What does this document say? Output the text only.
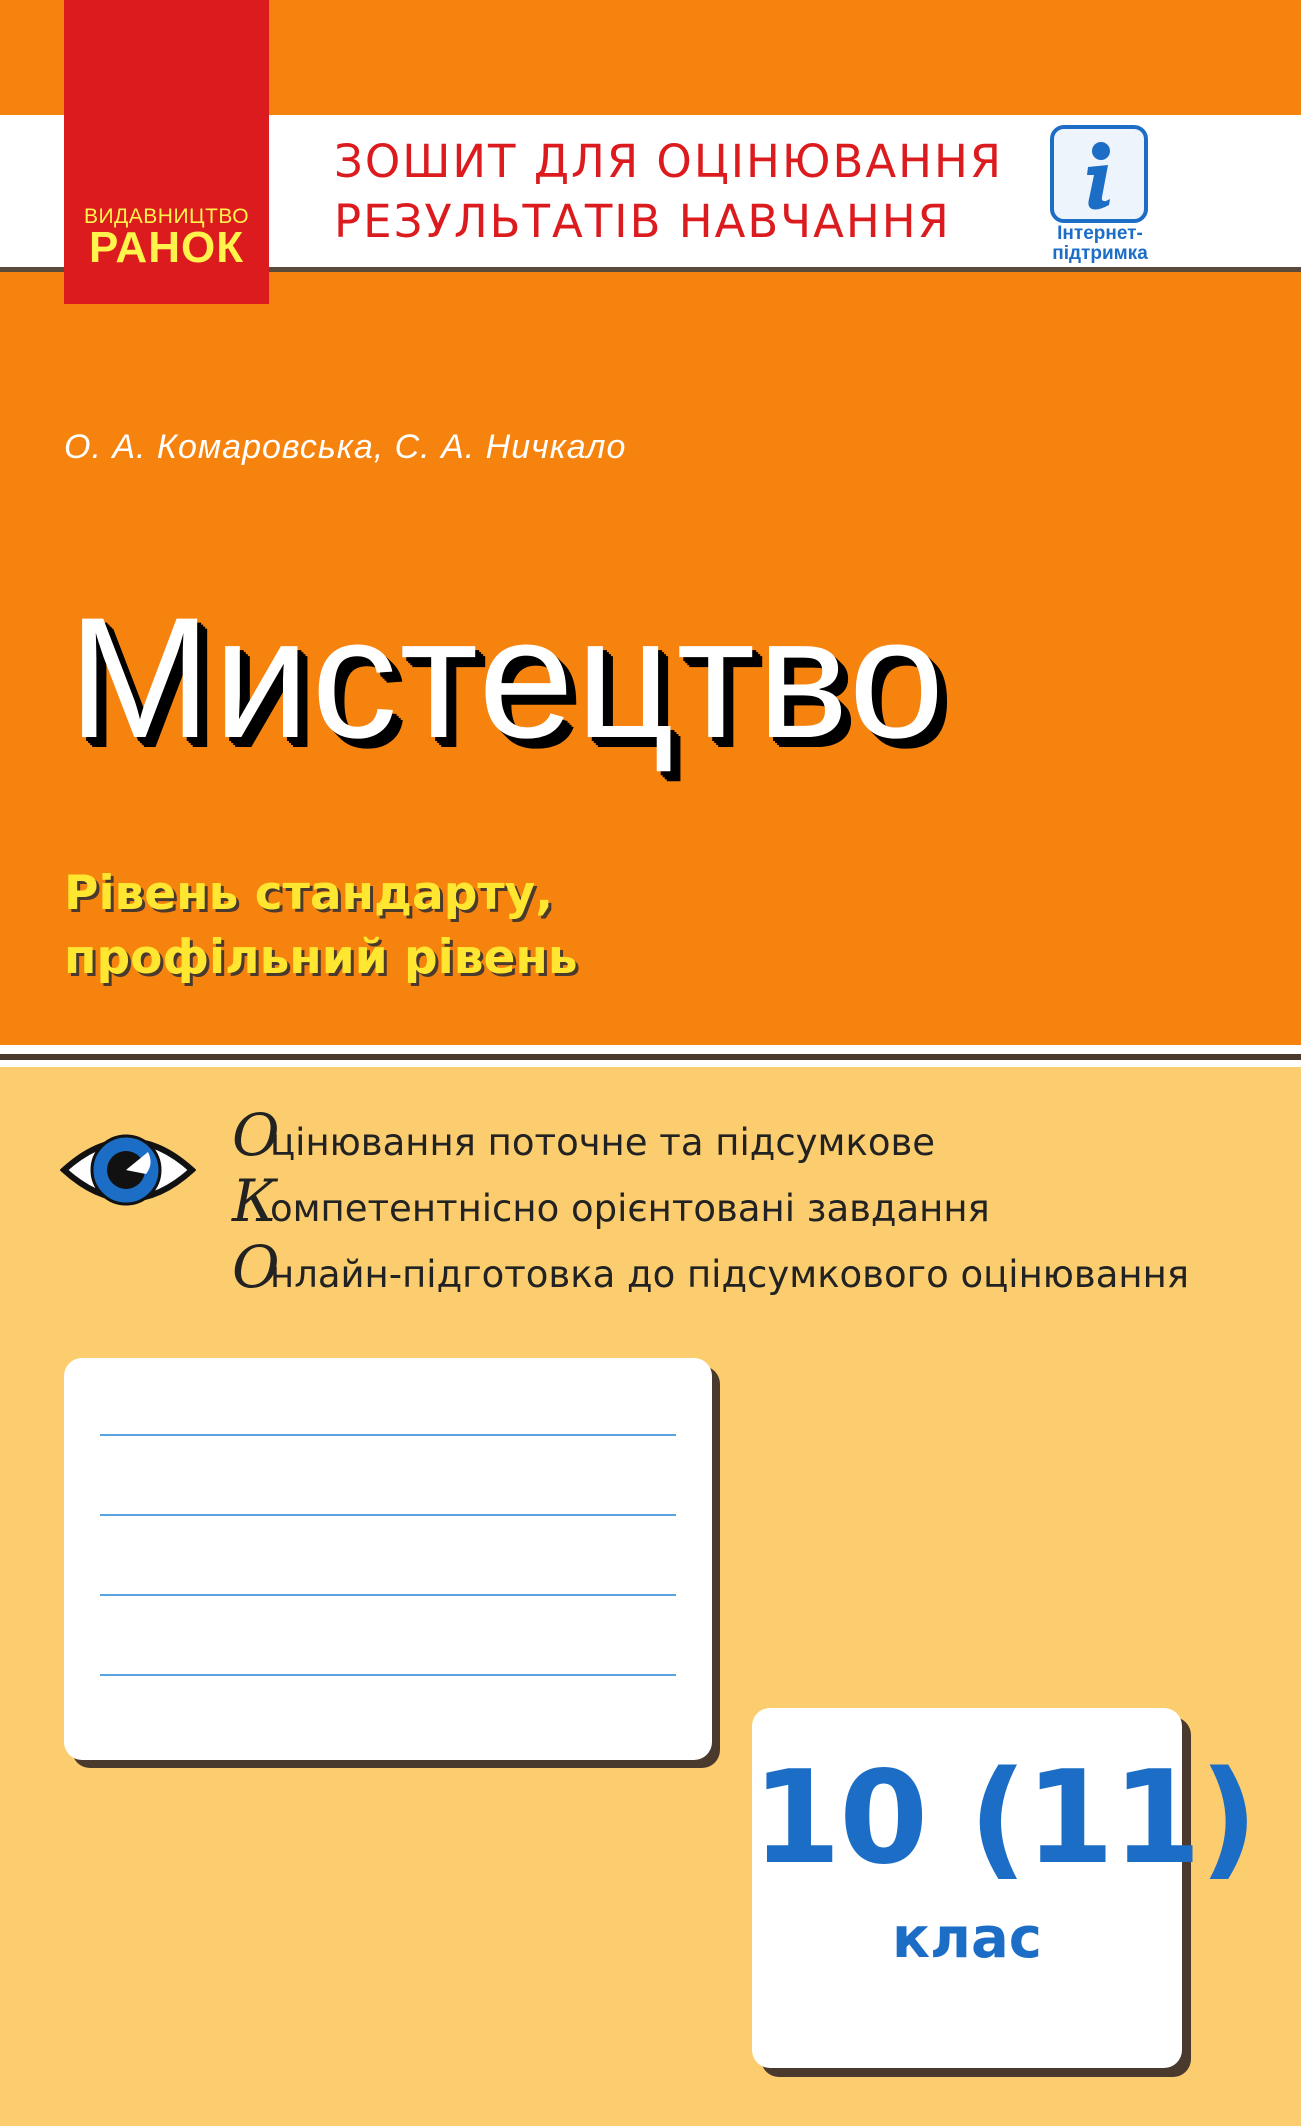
ВИДАВНИЦТВО
РАНОК
ЗОШИТ ДЛЯ ОЦІНЮВАННЯ
РЕЗУЛЬТАТІВ НАВЧАННЯ	Інтернет-
підтримка
О. А. Комаровська, С. А. Ничкало
Мистецтво
Рівень стандарту,
профільний рівень
О
цінювання поточне та підсумкове
К
омпетентнісно орієнтовані завдання
О
нлайн-підготовка до підсумкового оцінювання
10 (11)
клас
